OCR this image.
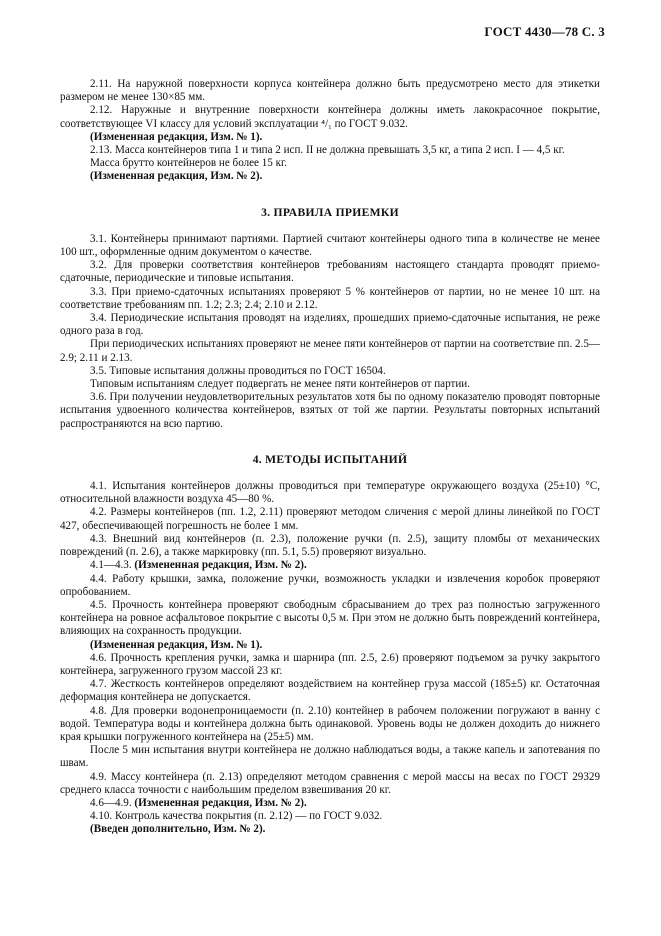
ГОСТ 4430—78 С. 3

2.11. На наружной поверхности корпуса контейнера должно быть предусмотрено место для этикетки размером не менее 130×85 мм.

2.12. Наружные и внутренние поверхности контейнера должны иметь лакокрасочное покрытие, соответствующее VI классу для условий эксплуатации ⁴/₁ по ГОСТ 9.032.

(Измененная редакция, Изм. № 1).

2.13. Масса контейнеров типа 1 и типа 2 исп. II не должна превышать 3,5 кг, а типа 2 исп. I — 4,5 кг.

Масса брутто контейнеров не более 15 кг.

(Измененная редакция, Изм. № 2).

3. ПРАВИЛА ПРИЕМКИ

3.1. Контейнеры принимают партиями. Партией считают контейнеры одного типа в количестве не менее 100 шт., оформленные одним документом о качестве.

3.2. Для проверки соответствия контейнеров требованиям настоящего стандарта проводят приемо-сдаточные, периодические и типовые испытания.

3.3. При приемо-сдаточных испытаниях проверяют 5 % контейнеров от партии, но не менее 10 шт. на соответствие требованиям пп. 1.2; 2.3; 2.4; 2.10 и 2.12.

3.4. Периодические испытания проводят на изделиях, прошедших приемо-сдаточные испытания, не реже одного раза в год.

При периодических испытаниях проверяют не менее пяти контейнеров от партии на соответствие пп. 2.5—2.9; 2.11 и 2.13.

3.5. Типовые испытания должны проводиться по ГОСТ 16504.

Типовым испытаниям следует подвергать не менее пяти контейнеров от партии.

3.6. При получении неудовлетворительных результатов хотя бы по одному показателю проводят повторные испытания удвоенного количества контейнеров, взятых от той же партии. Результаты повторных испытаний распространяются на всю партию.

4. МЕТОДЫ ИСПЫТАНИЙ

4.1. Испытания контейнеров должны проводиться при температуре окружающего воздуха (25±10) °С, относительной влажности воздуха 45—80 %.

4.2. Размеры контейнеров (пп. 1.2, 2.11) проверяют методом сличения с мерой длины линейкой по ГОСТ 427, обеспечивающей погрешность не более 1 мм.

4.3. Внешний вид контейнеров (п. 2.3), положение ручки (п. 2.5), защиту пломбы от механических повреждений (п. 2.6), а также маркировку (пп. 5.1, 5.5) проверяют визуально.

4.1—4.3. (Измененная редакция, Изм. № 2).

4.4. Работу крышки, замка, положение ручки, возможность укладки и извлечения коробок проверяют опробованием.

4.5. Прочность контейнера проверяют свободным сбрасыванием до трех раз полностью загруженного контейнера на ровное асфальтовое покрытие с высоты 0,5 м. При этом не должно быть повреждений контейнера, влияющих на сохранность продукции.

(Измененная редакция, Изм. № 1).

4.6. Прочность крепления ручки, замка и шарнира (пп. 2.5, 2.6) проверяют подъемом за ручку закрытого контейнера, загруженного грузом массой 23 кг.

4.7. Жесткость контейнеров определяют воздействием на контейнер груза массой (185±5) кг. Остаточная деформация контейнера не допускается.

4.8. Для проверки водонепроницаемости (п. 2.10) контейнер в рабочем положении погружают в ванну с водой. Температура воды и контейнера должна быть одинаковой. Уровень воды не должен доходить до нижнего края крышки погруженного контейнера на (25±5) мм.

После 5 мин испытания внутри контейнера не должно наблюдаться воды, а также капель и запотевания по швам.

4.9. Массу контейнера (п. 2.13) определяют методом сравнения с мерой массы на весах по ГОСТ 29329 среднего класса точности с наибольшим пределом взвешивания 20 кг.

4.6—4.9. (Измененная редакция, Изм. № 2).

4.10. Контроль качества покрытия (п. 2.12) — по ГОСТ 9.032.

(Введен дополнительно, Изм. № 2).
